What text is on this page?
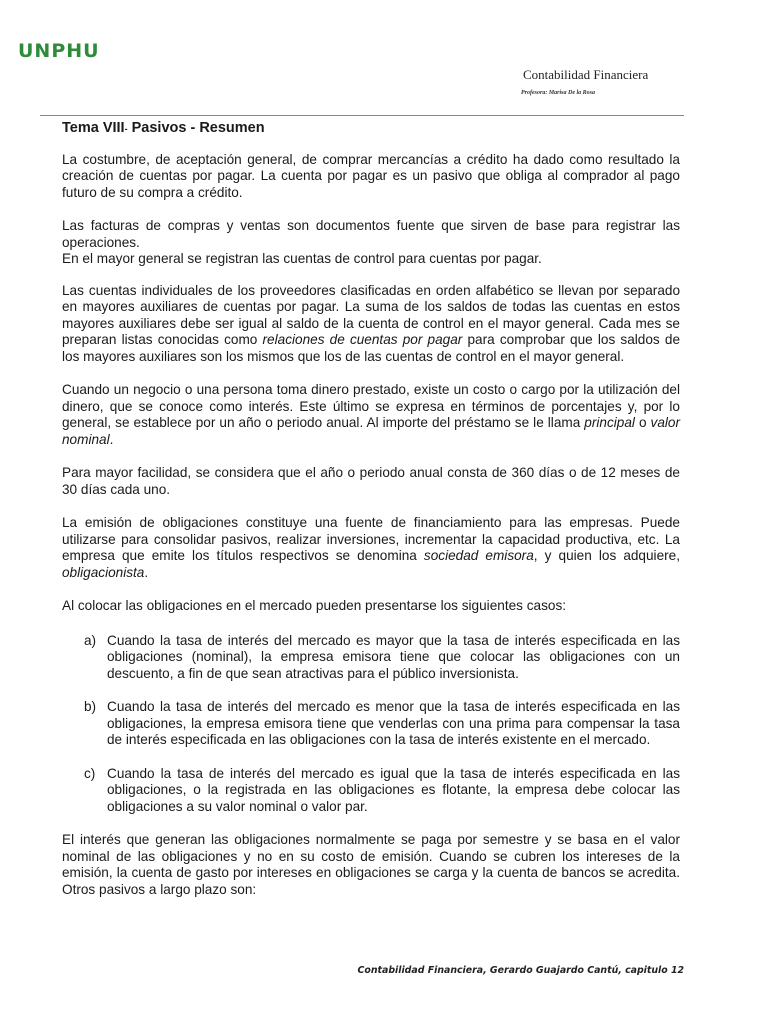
UNPHU
Contabilidad Financiera
Profesora: Marisa De la Rosa
Tema VIII- Pasivos - Resumen

La costumbre, de aceptación general, de comprar mercancías a crédito ha dado como resultado la creación de cuentas por pagar. La cuenta por pagar es un pasivo que obliga al comprador al pago futuro de su compra a crédito.

Las facturas de compras y ventas son documentos fuente que sirven de base para registrar las operaciones.

En el mayor general se registran las cuentas de control para cuentas por pagar.

Las cuentas individuales de los proveedores clasificadas en orden alfabético se llevan por separado en mayores auxiliares de cuentas por pagar. La suma de los saldos de todas las cuentas en estos mayores auxiliares debe ser igual al saldo de la cuenta de control en el mayor general. Cada mes se preparan listas conocidas como relaciones de cuentas por pagar para comprobar que los saldos de los mayores auxiliares son los mismos que los de las cuentas de control en el mayor general.

Cuando un negocio o una persona toma dinero prestado, existe un costo o cargo por la utilización del dinero, que se conoce como interés. Este último se expresa en términos de porcentajes y, por lo general, se establece por un año o periodo anual. Al importe del préstamo se le llama principal o valor nominal.

Para mayor facilidad, se considera que el año o periodo anual consta de 360 días o de 12 meses de 30 días cada uno.

La emisión de obligaciones constituye una fuente de financiamiento para las empresas. Puede utilizarse para consolidar pasivos, realizar inversiones, incrementar la capacidad productiva, etc. La empresa que emite los títulos respectivos se denomina sociedad emisora, y quien los adquiere, obligacionista.

Al colocar las obligaciones en el mercado pueden presentarse los siguientes casos:

a) Cuando la tasa de interés del mercado es mayor que la tasa de interés especificada en las obligaciones (nominal), la empresa emisora tiene que colocar las obligaciones con un descuento, a fin de que sean atractivas para el público inversionista.
b) Cuando la tasa de interés del mercado es menor que la tasa de interés especificada en las obligaciones, la empresa emisora tiene que venderlas con una prima para compensar la tasa de interés especificada en las obligaciones con la tasa de interés existente en el mercado.
c) Cuando la tasa de interés del mercado es igual que la tasa de interés especificada en las obligaciones, o la registrada en las obligaciones es flotante, la empresa debe colocar las obligaciones a su valor nominal o valor par.

El interés que generan las obligaciones normalmente se paga por semestre y se basa en el valor nominal de las obligaciones y no en su costo de emisión. Cuando se cubren los intereses de la emisión, la cuenta de gasto por intereses en obligaciones se carga y la cuenta de bancos se acredita. Otros pasivos a largo plazo son:

Contabilidad Financiera, Gerardo Guajardo Cantú, capitulo 12
